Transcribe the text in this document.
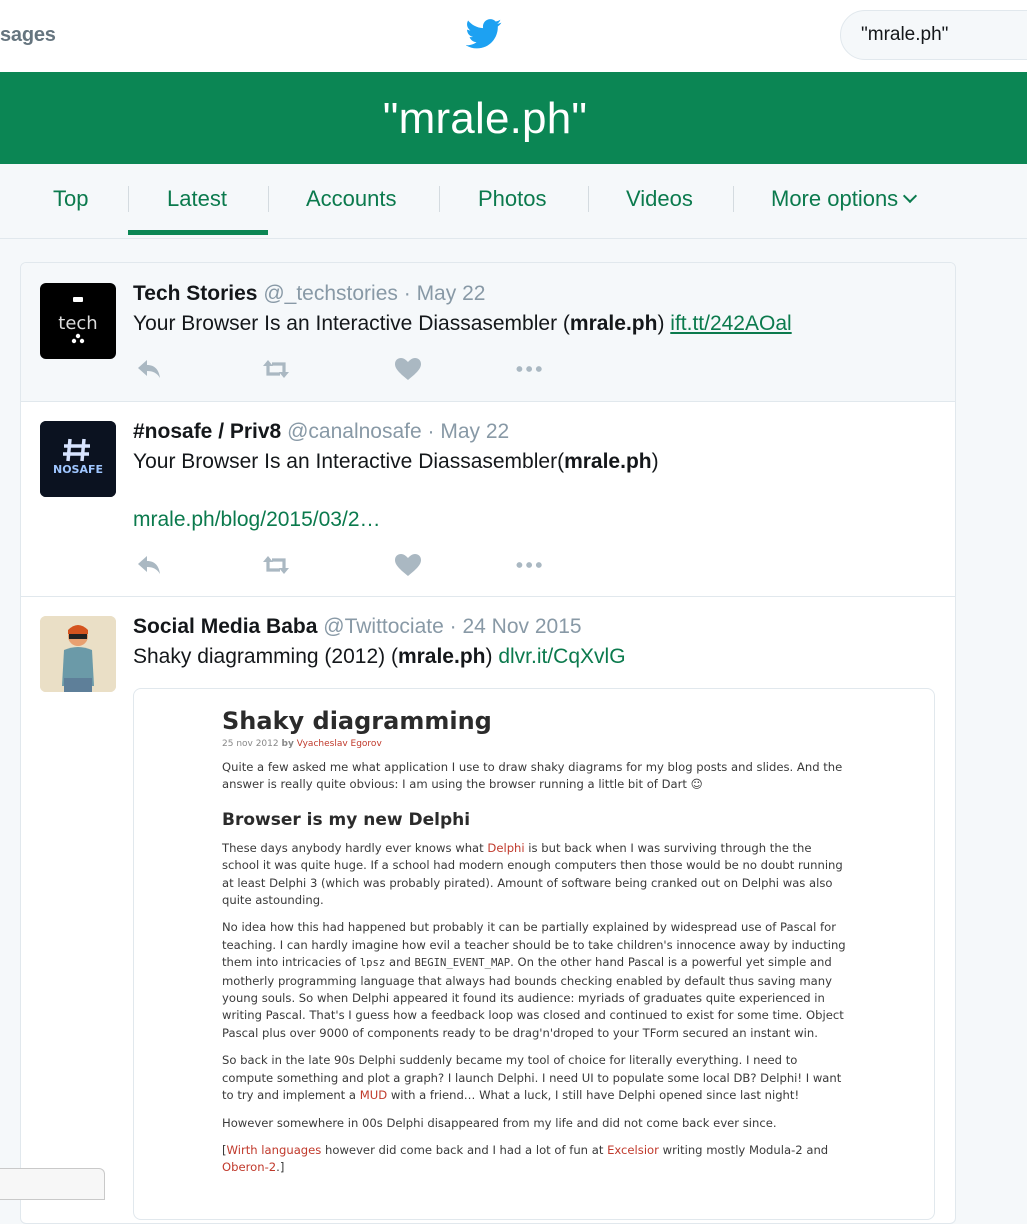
sages
"mrale.ph"
"mrale.ph"
Top	Latest	Accounts	Photos	Videos	More options
tech
Tech Stories @_techstories · May 22
Your Browser Is an Interactive Diassasembler (mrale.ph) ift.tt/242AOal
NOSAFE
#nosafe / Priv8 @canalnosafe · May 22
Your Browser Is an Interactive Diassasembler(mrale.ph)
mrale.ph/blog/2015/03/2…
Social Media Baba @Twittociate · 24 Nov 2015
Shaky diagramming (2012) (mrale.ph) dlvr.it/CqXvlG
Shaky diagramming
25 nov 2012 by Vyacheslav Egorov
Quite a few asked me what application I use to draw shaky diagrams for my blog posts and slides. And the answer is really quite obvious: I am using the browser running a little bit of Dart ☺
Browser is my new Delphi
These days anybody hardly ever knows what Delphi is but back when I was surviving through the the school it was quite huge. If a school had modern enough computers then those would be no doubt running at least Delphi 3 (which was probably pirated). Amount of software being cranked out on Delphi was also quite astounding.
No idea how this had happened but probably it can be partially explained by widespread use of Pascal for teaching. I can hardly imagine how evil a teacher should be to take children's innocence away by inducting them into intricacies of lpsz and BEGIN_EVENT_MAP. On the other hand Pascal is a powerful yet simple and motherly programming language that always had bounds checking enabled by default thus saving many young souls. So when Delphi appeared it found its audience: myriads of graduates quite experienced in writing Pascal. That's I guess how a feedback loop was closed and continued to exist for some time. Object Pascal plus over 9000 of components ready to be drag'n'droped to your TForm secured an instant win.
So back in the late 90s Delphi suddenly became my tool of choice for literally everything. I need to compute something and plot a graph? I launch Delphi. I need UI to populate some local DB? Delphi! I want to try and implement a MUD with a friend… What a luck, I still have Delphi opened since last night!
However somewhere in 00s Delphi disappeared from my life and did not come back ever since.
[Wirth languages however did come back and I had a lot of fun at Excelsior writing mostly Modula-2 and Oberon-2.]
